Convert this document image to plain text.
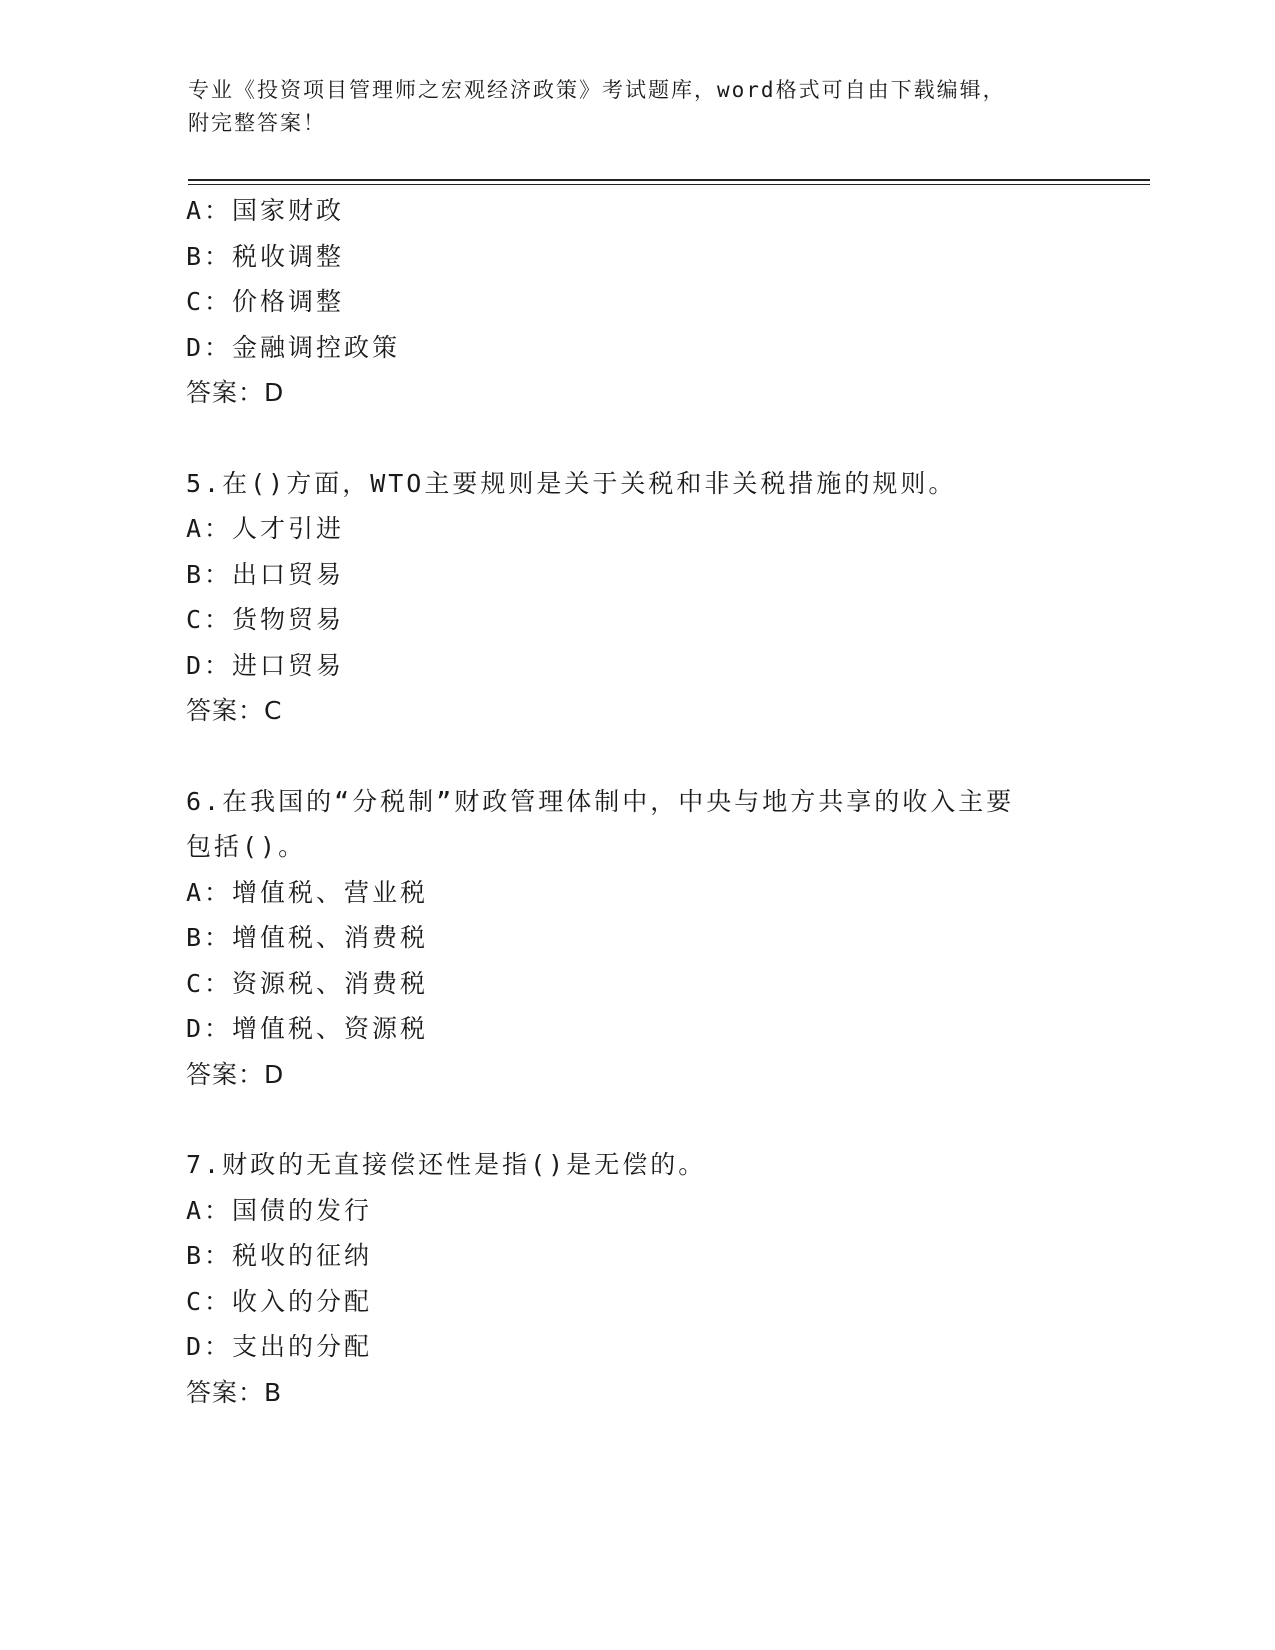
专业《投资项目管理师之宏观经济政策》考试题库，word格式可自由下载编辑，
附完整答案！
A：国家财政
B：税收调整
C：价格调整
D：金融调控政策
答案：D
5.在()方面，WTO主要规则是关于关税和非关税措施的规则。
A：人才引进
B：出口贸易
C：货物贸易
D：进口贸易
答案：C
6.在我国的“分税制”财政管理体制中，中央与地方共享的收入主要
包括()。
A：增值税、营业税
B：增值税、消费税
C：资源税、消费税
D：增值税、资源税
答案：D
7.财政的无直接偿还性是指()是无偿的。
A：国债的发行
B：税收的征纳
C：收入的分配
D：支出的分配
答案：B
